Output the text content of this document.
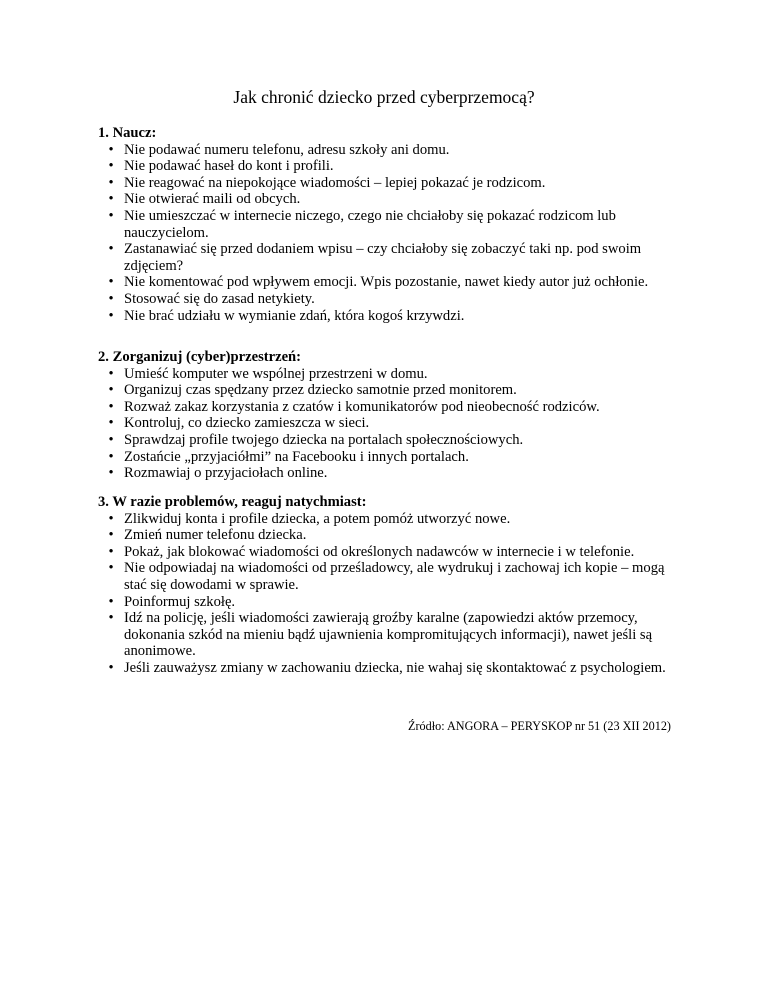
Jak chronić dziecko przed cyberprzemocą?
1. Naucz:
• Nie podawać numeru telefonu, adresu szkoły ani domu.
• Nie podawać haseł do kont i profili.
• Nie reagować na niepokojące wiadomości – lepiej pokazać je rodzicom.
• Nie otwierać maili od obcych.
• Nie umieszczać w internecie niczego, czego nie chciałoby się pokazać rodzicom lub nauczycielom.
• Zastanawiać się przed dodaniem wpisu – czy chciałoby się zobaczyć taki np. pod swoim zdjęciem?
• Nie komentować pod wpływem emocji. Wpis pozostanie, nawet kiedy autor już ochłonie.
• Stosować się do zasad netykiety.
• Nie brać udziału w wymianie zdań, która kogoś krzywdzi.
2. Zorganizuj (cyber)przestrzeń:
• Umieść komputer we wspólnej przestrzeni w domu.
• Organizuj czas spędzany przez dziecko samotnie przed monitorem.
• Rozważ zakaz korzystania z czatów i komunikatorów pod nieobecność rodziców.
• Kontroluj, co dziecko zamieszcza w sieci.
• Sprawdzaj profile twojego dziecka na portalach społecznościowych.
• Zostańcie „przyjaciółmi” na Facebooku i innych portalach.
• Rozmawiaj o przyjaciołach online.
3. W razie problemów, reaguj natychmiast:
• Zlikwiduj konta i profile dziecka, a potem pomóż utworzyć nowe.
• Zmień numer telefonu dziecka.
• Pokaż, jak blokować wiadomości od określonych nadawców w internecie i w telefonie.
• Nie odpowiadaj na wiadomości od prześladowcy, ale wydrukuj i zachowaj ich kopie – mogą stać się dowodami w sprawie.
• Poinformuj szkołę.
• Idź na policję, jeśli wiadomości zawierają groźby karalne (zapowiedzi aktów przemocy, dokonania szkód na mieniu bądź ujawnienia kompromitujących informacji), nawet jeśli są anonimowe.
• Jeśli zauważysz zmiany w zachowaniu dziecka, nie wahaj się skontaktować z psychologiem.
Źródło: ANGORA – PERYSKOP nr 51 (23 XII 2012)
